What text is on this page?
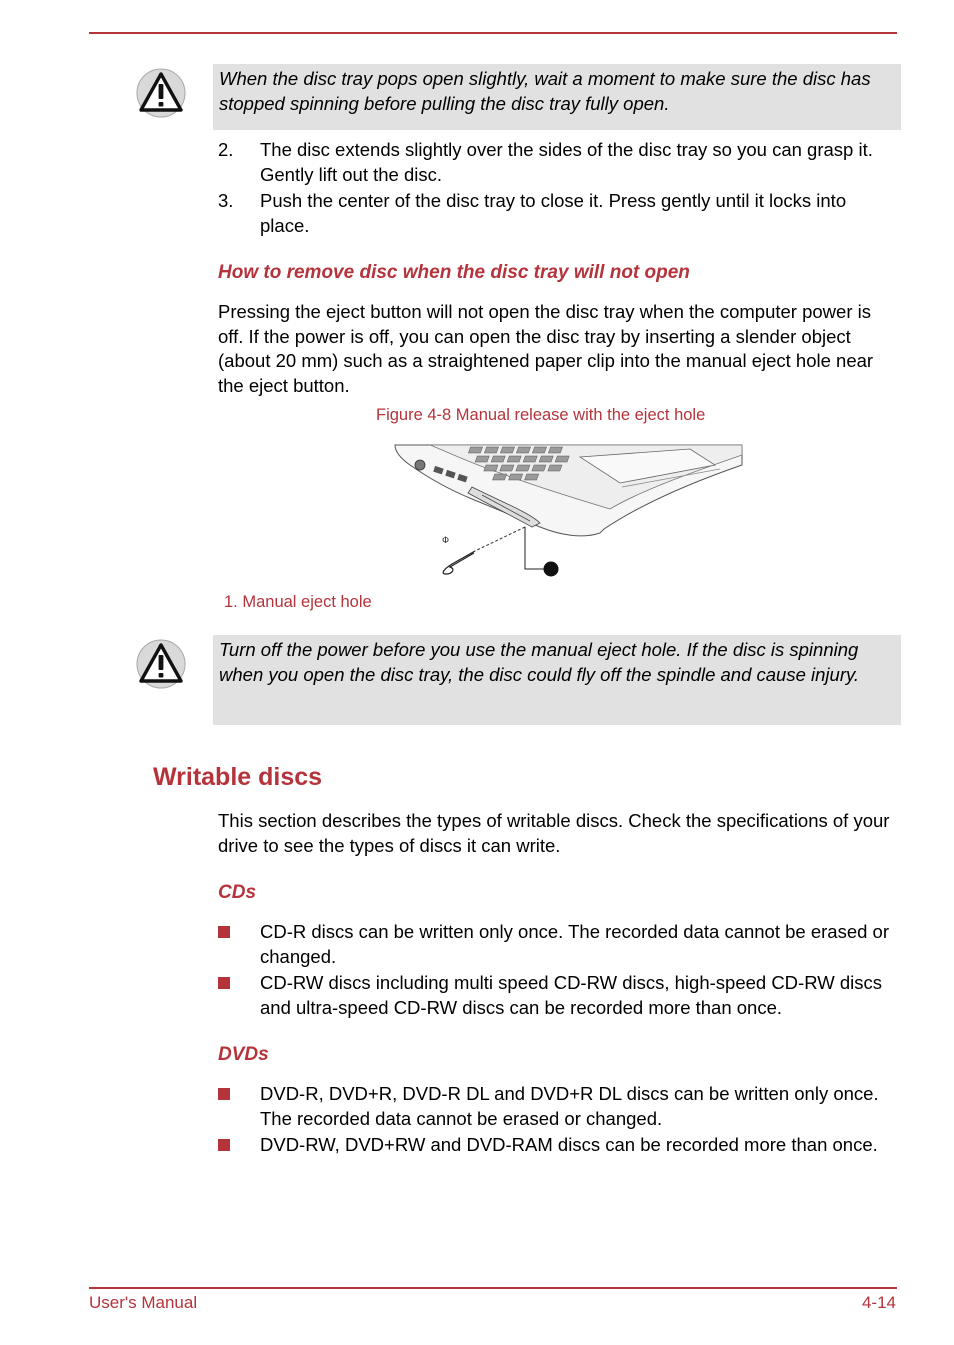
When the disc tray pops open slightly, wait a moment to make sure the disc has stopped spinning before pulling the disc tray fully open.

2. The disc extends slightly over the sides of the disc tray so you can grasp it. Gently lift out the disc.
3. Push the center of the disc tray to close it. Press gently until it locks into place.

How to remove disc when the disc tray will not open

Pressing the eject button will not open the disc tray when the computer power is off. If the power is off, you can open the disc tray by inserting a slender object (about 20 mm) such as a straightened paper clip into the manual eject hole near the eject button.

Figure 4-8 Manual release with the eject hole

Φ

1. Manual eject hole

Turn off the power before you use the manual eject hole. If the disc is spinning when you open the disc tray, the disc could fly off the spindle and cause injury.

Writable discs

This section describes the types of writable discs. Check the specifications of your drive to see the types of discs it can write.

CDs

CD-R discs can be written only once. The recorded data cannot be erased or changed.
CD-RW discs including multi speed CD-RW discs, high-speed CD-RW discs and ultra-speed CD-RW discs can be recorded more than once.

DVDs

DVD-R, DVD+R, DVD-R DL and DVD+R DL discs can be written only once. The recorded data cannot be erased or changed.
DVD-RW, DVD+RW and DVD-RAM discs can be recorded more than once.

User's Manual	4-14
